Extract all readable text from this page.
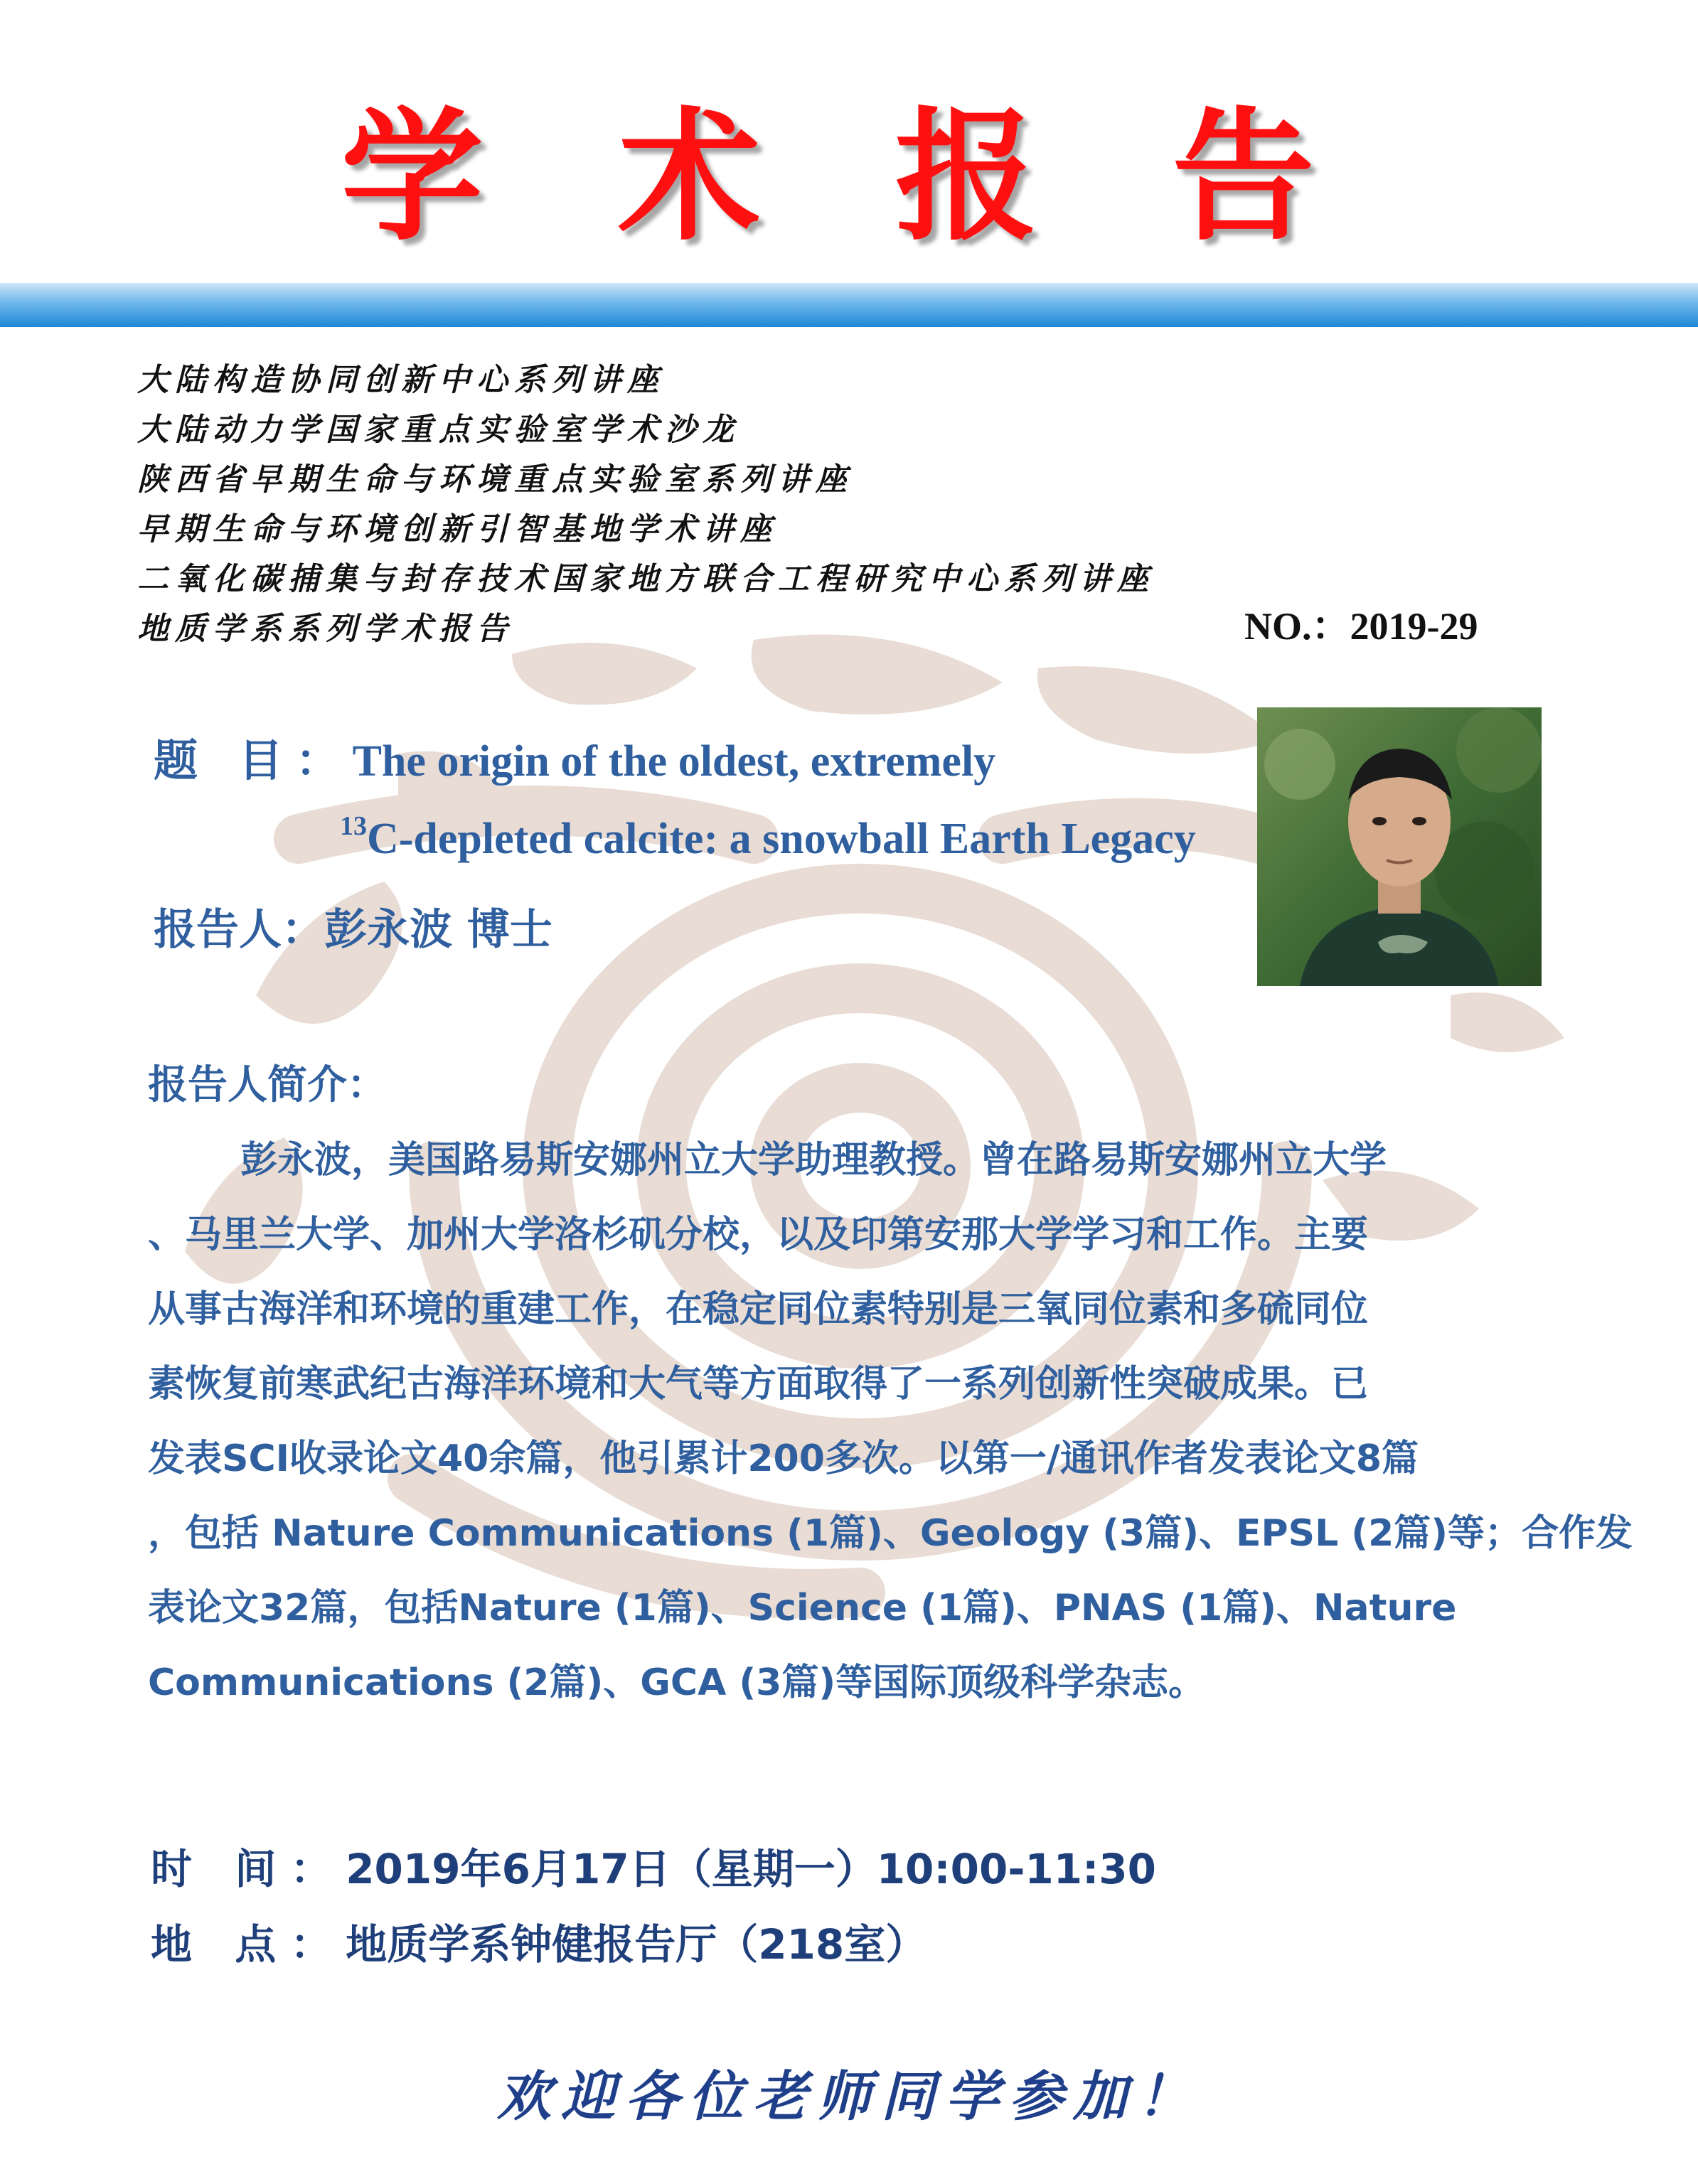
学 术 报 告
大陆构造协同创新中心系列讲座
大陆动力学国家重点实验室学术沙龙
陕西省早期生命与环境重点实验室系列讲座
早期生命与环境创新引智基地学术讲座
二氧化碳捕集与封存技术国家地方联合工程研究中心系列讲座
地质学系系列学术报告	NO.：2019-29
题 目：The origin of the oldest, extremely
$^{13}$C-depleted calcite: a snowball Earth Legacy
报告人：彭永波 博士
报告人简介：
彭永波，美国路易斯安娜州立大学助理教授。曾在路易斯安娜州立大学
、马里兰大学、加州大学洛杉矶分校，以及印第安那大学学习和工作。主要
从事古海洋和环境的重建工作，在稳定同位素特别是三氧同位素和多硫同位
素恢复前寒武纪古海洋环境和大气等方面取得了一系列创新性突破成果。已
发表SCI收录论文40余篇，他引累计200多次。以第一/通讯作者发表论文8篇
，包括 Nature Communications (1篇)、Geology (3篇)、EPSL (2篇)等；合作发
表论文32篇，包括Nature (1篇)、Science (1篇)、PNAS (1篇)、Nature
Communications (2篇)、GCA (3篇)等国际顶级科学杂志。
时 间：2019年6月17日（星期一）10:00-11:30
地 点：地质学系钟健报告厅（218室）
欢迎各位老师同学参加！
